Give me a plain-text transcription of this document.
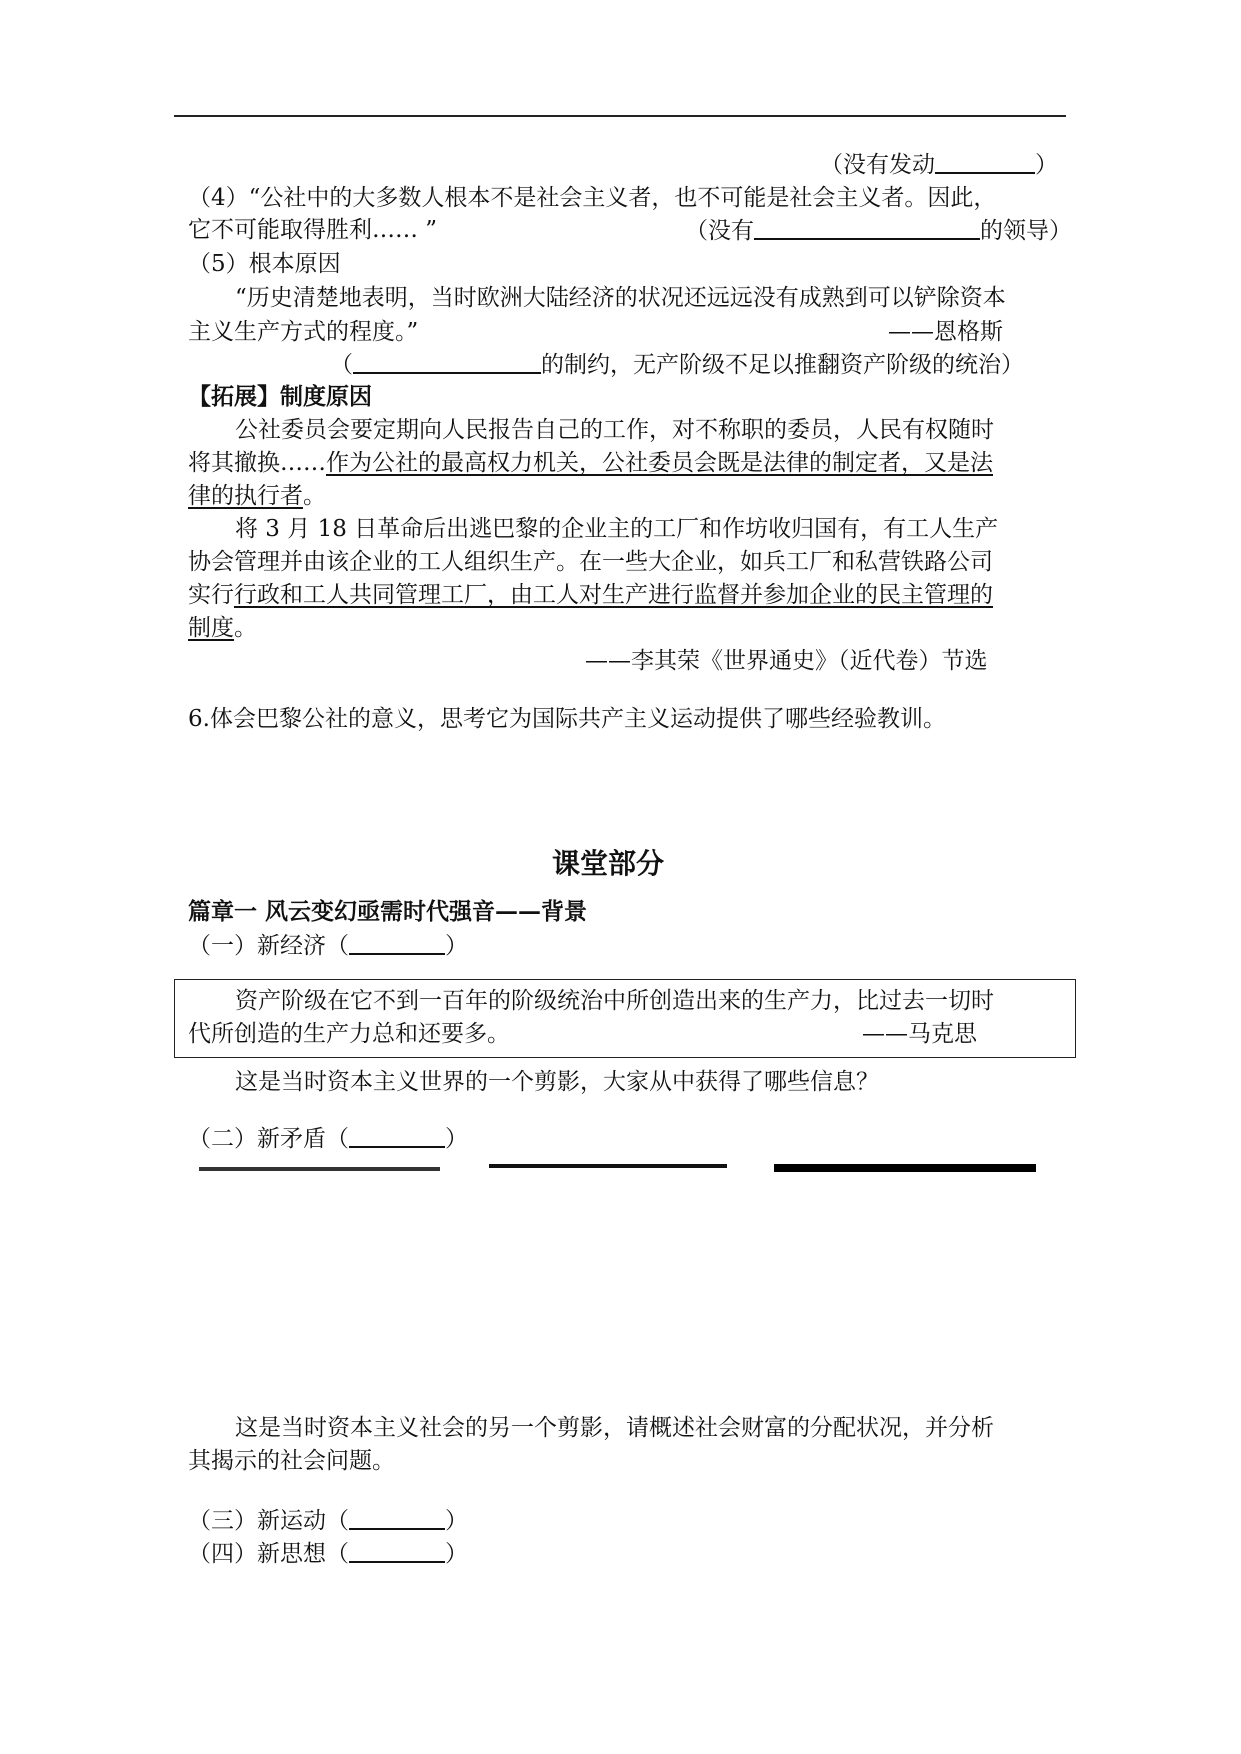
（没有发动	）
（4）“公社中的大多数人根本不是社会主义者，也不可能是社会主义者。因此，
它不可能取得胜利…… ”	（没有	的领导）
（5）根本原因
“历史清楚地表明，当时欧洲大陆经济的状况还远远没有成熟到可以铲除资本
主义生产方式的程度。”	——恩格斯
（	的制约，无产阶级不足以推翻资产阶级的统治）
【拓展】制度原因
公社委员会要定期向人民报告自己的工作，对不称职的委员，人民有权随时
将其撤换……作为公社的最高权力机关，公社委员会既是法律的制定者，又是法
律的执行者。
将 3 月 18 日革命后出逃巴黎的企业主的工厂和作坊收归国有，有工人生产
协会管理并由该企业的工人组织生产。在一些大企业，如兵工厂和私营铁路公司
实行行政和工人共同管理工厂，由工人对生产进行监督并参加企业的民主管理的
制度。
——李其荣《世界通史》（近代卷）节选
6.体会巴黎公社的意义，思考它为国际共产主义运动提供了哪些经验教训。
课堂部分
篇章一 风云变幻亟需时代强音——背景
（一）新经济（	）
资产阶级在它不到一百年的阶级统治中所创造出来的生产力，比过去一切时
代所创造的生产力总和还要多。	——马克思
这是当时资本主义世界的一个剪影，大家从中获得了哪些信息？
（二）新矛盾（	）
这是当时资本主义社会的另一个剪影，请概述社会财富的分配状况，并分析
其揭示的社会问题。
（三）新运动（	）
（四）新思想（	）
